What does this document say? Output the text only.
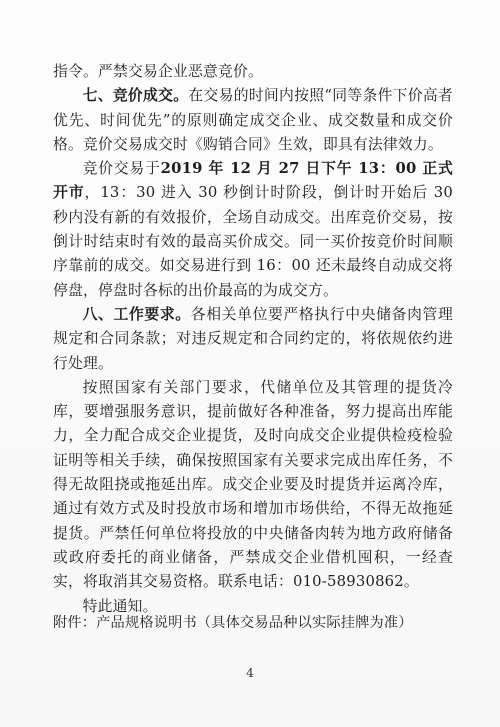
指令。严禁交易企业恶意竞价。

七、竞价成交。在交易的时间内按照“同等条件下价高者优先、时间优先”的原则确定成交企业、成交数量和成交价格。竞价交易成交时《购销合同》生效，即具有法律效力。

竞价交易于2019 年 12 月 27 日下午 13：00 正式开市，13：30 进入 30 秒倒计时阶段，倒计时开始后 30 秒内没有新的有效报价，全场自动成交。出库竞价交易，按倒计时结束时有效的最高买价成交。同一买价按竞价时间顺序靠前的成交。如交易进行到 16：00 还未最终自动成交将停盘，停盘时各标的出价最高的为成交方。

八、工作要求。各相关单位要严格执行中央储备肉管理规定和合同条款；对违反规定和合同约定的，将依规依约进行处理。

按照国家有关部门要求，代储单位及其管理的提货冷库，要增强服务意识，提前做好各种准备，努力提高出库能力，全力配合成交企业提货，及时向成交企业提供检疫检验证明等相关手续，确保按照国家有关要求完成出库任务，不得无故阻挠或拖延出库。成交企业要及时提货并运离冷库，通过有效方式及时投放市场和增加市场供给，不得无故拖延提货。严禁任何单位将投放的中央储备肉转为地方政府储备或政府委托的商业储备，严禁成交企业借机囤积，一经查实，将取消其交易资格。联系电话：010-58930862。

特此通知。

附件：产品规格说明书（具体交易品种以实际挂牌为准）
4
